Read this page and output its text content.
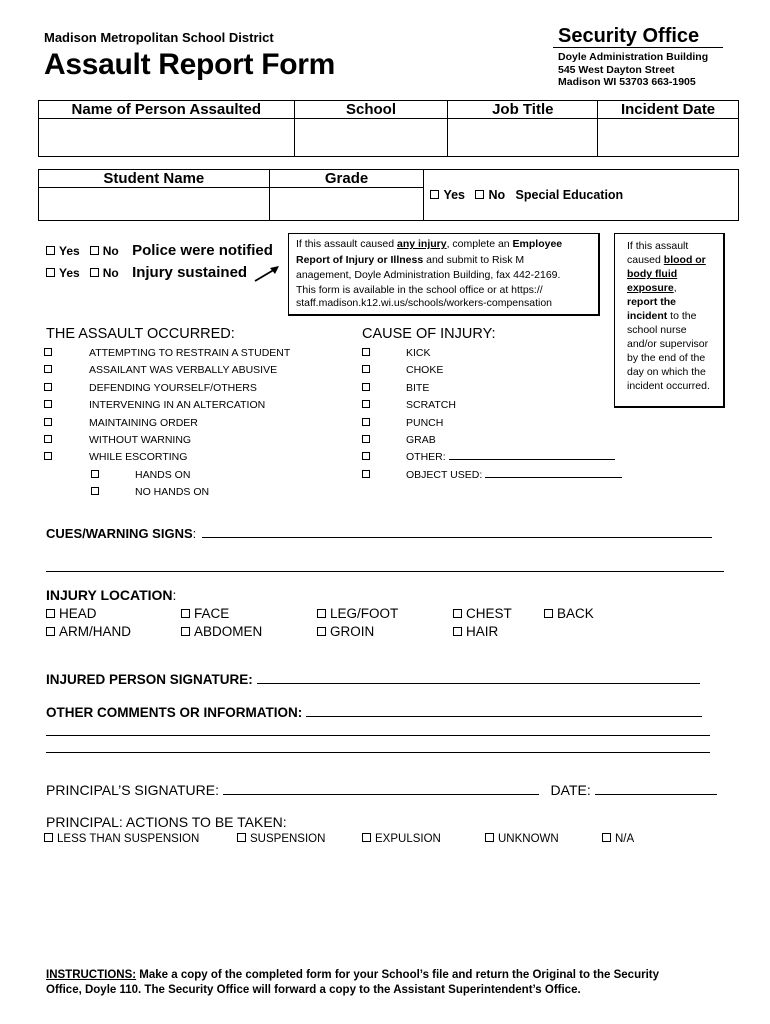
Madison Metropolitan School District
Assault Report Form
Security Office
Doyle Administration Building
545 West Dayton Street
Madison WI 53703 663-1905
Name of Person Assaulted	School	Job Title	Incident Date

Student Name	Grade	Yes No Special Education

Yes No Police were notified
Yes No Injury sustained
If this assault caused any injury, complete an Employee
Report of Injury or Illness and submit to Risk M
anagement, Doyle Administration Building, fax 442-2169.
This form is available in the school office or at https://
staff.madison.k12.wi.us/schools/workers-compensation
If this assault
caused blood or
body fluid
exposure,
report the
incident to the
school nurse
and/or supervisor
by the end of the
day on which the
incident occurred.
THE ASSAULT OCCURRED:
ATTEMPTING TO RESTRAIN A STUDENT
ASSAILANT WAS VERBALLY ABUSIVE
DEFENDING YOURSELF/OTHERS
INTERVENING IN AN ALTERCATION
MAINTAINING ORDER
WITHOUT WARNING
WHILE ESCORTING
HANDS ON
NO HANDS ON
CAUSE OF INJURY:
KICK
CHOKE
BITE
SCRATCH
PUNCH
GRAB
OTHER:
OBJECT USED:
CUES/WARNING SIGNS:
INJURY LOCATION:
HEAD	FACE	LEG/FOOT	CHEST	BACK
ARM/HAND	ABDOMEN	GROIN	HAIR
INJURED PERSON SIGNATURE:
OTHER COMMENTS OR INFORMATION:
PRINCIPAL’S SIGNATURE:	DATE:
PRINCIPAL: ACTIONS TO BE TAKEN:
LESS THAN SUSPENSION	SUSPENSION	EXPULSION	UNKNOWN	N/A
INSTRUCTIONS: Make a copy of the completed form for your School’s file and return the Original to the Security
Office, Doyle 110. The Security Office will forward a copy to the Assistant Superintendent’s Office.
